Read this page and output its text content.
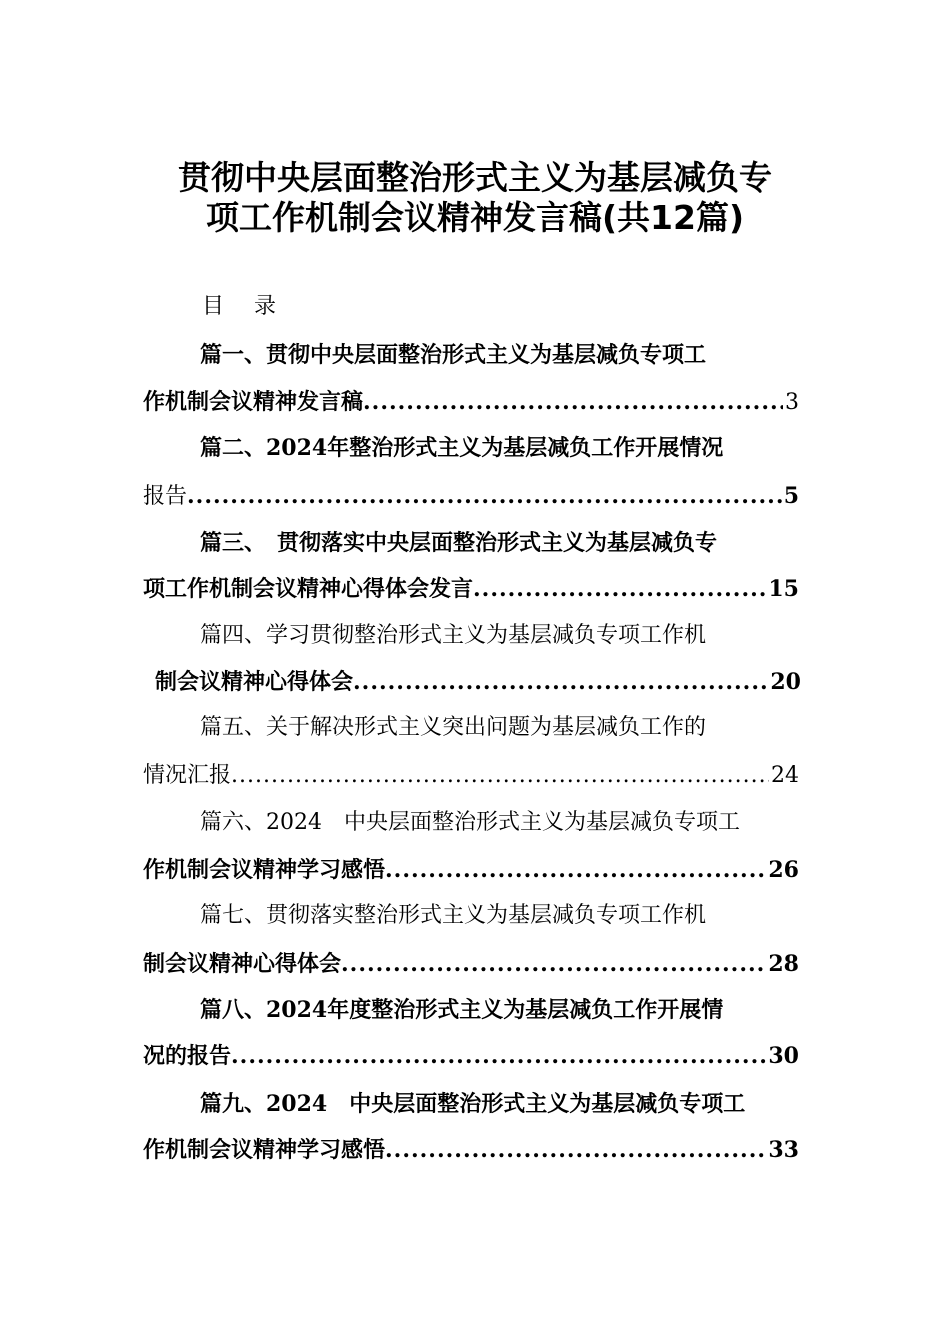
贯彻中央层面整治形式主义为基层减负专
项工作机制会议精神发言稿(共12篇)

目录

篇一、贯彻中央层面整治形式主义为基层减负专项工
作机制会议精神发言稿 .....	3
篇二、2024年整治形式主义为基层减负工作开展情况
报告 .....	5
篇三、　贯彻落实中央层面整治形式主义为基层减负专
项工作机制会议精神心得体会发言 .....	15
篇四、学习贯彻整治形式主义为基层减负专项工作机
制会议精神心得体会 .....	20
篇五、关于解决形式主义突出问题为基层减负工作的
情况汇报 .....	24
篇六、2024　中央层面整治形式主义为基层减负专项工
作机制会议精神学习感悟 .....	26
篇七、贯彻落实整治形式主义为基层减负专项工作机
制会议精神心得体会 .....	28
篇八、2024年度整治形式主义为基层减负工作开展情
况的报告 .....	30
篇九、2024　中央层面整治形式主义为基层减负专项工
作机制会议精神学习感悟 .....	33
